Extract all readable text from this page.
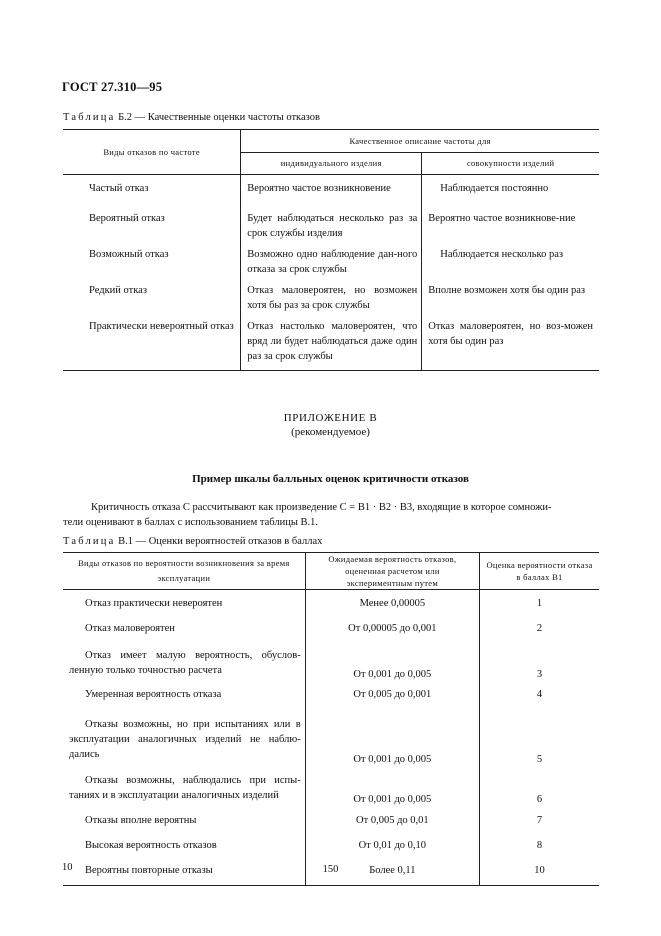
ГОСТ 27.310—95
Таблица Б.2 — Качественные оценки частоты отказов
Виды отказов по частоте	Качественное описание частоты для	
	индивидуального изделия	совокупности изделий
Частый отказ	Вероятно частое возникновение	Наблюдается постоянно
Вероятный отказ	Будет наблюдаться несколько раз за срок службы изделия	Вероятно частое возникнове-ние
Возможный отказ	Возможно одно наблюдение дан-ного отказа за срок службы	Наблюдается несколько раз
Редкий отказ	Отказ маловероятен, но возможен хотя бы раз за срок службы	Вполне возможен хотя бы один раз
Практически невероятный отказ	Отказ настолько маловероятен, что вряд ли будет наблюдаться даже один раз за срок службы	Отказ маловероятен, но воз-можен хотя бы один раз
ПРИЛОЖЕНИЕ В
(рекомендуемое)
Пример шкалы балльных оценок критичности отказов
Критичность отказа C рассчитывают как произведение C = B1 · B2 · B3, входящие в которое сомножи-
тели оценивают в баллах с использованием таблицы В.1.
Таблица В.1 — Оценки вероятностей отказов в баллах
Виды отказов по вероятности возникновения за время эксплуатации	Ожидаемая вероятность отказов, оцененная расчетом или экспериментным путем	Оценка вероятности отказа в баллах B1
Отказ практически невероятен	Менее 0,00005	1
Отказ маловероятен	От 0,00005 до 0,001	2
Отказ имеет малую вероятность, обуслов-ленную только точностью расчета	От 0,001 до 0,005	3
Умеренная вероятность отказа	От 0,005 до 0,001	4
Отказы возможны, но при испытаниях или в эксплуатации аналогичных изделий не наблю-дались	От 0,001 до 0,005	5
Отказы возможны, наблюдались при испы-таниях и в эксплуатации аналогичных изделий	От 0,001 до 0,005	6
Отказы вполне вероятны	От 0,005 до 0,01	7
Высокая вероятность отказов	От 0,01 до 0,10	8
Вероятны повторные отказы	Более 0,11	10
10	150
